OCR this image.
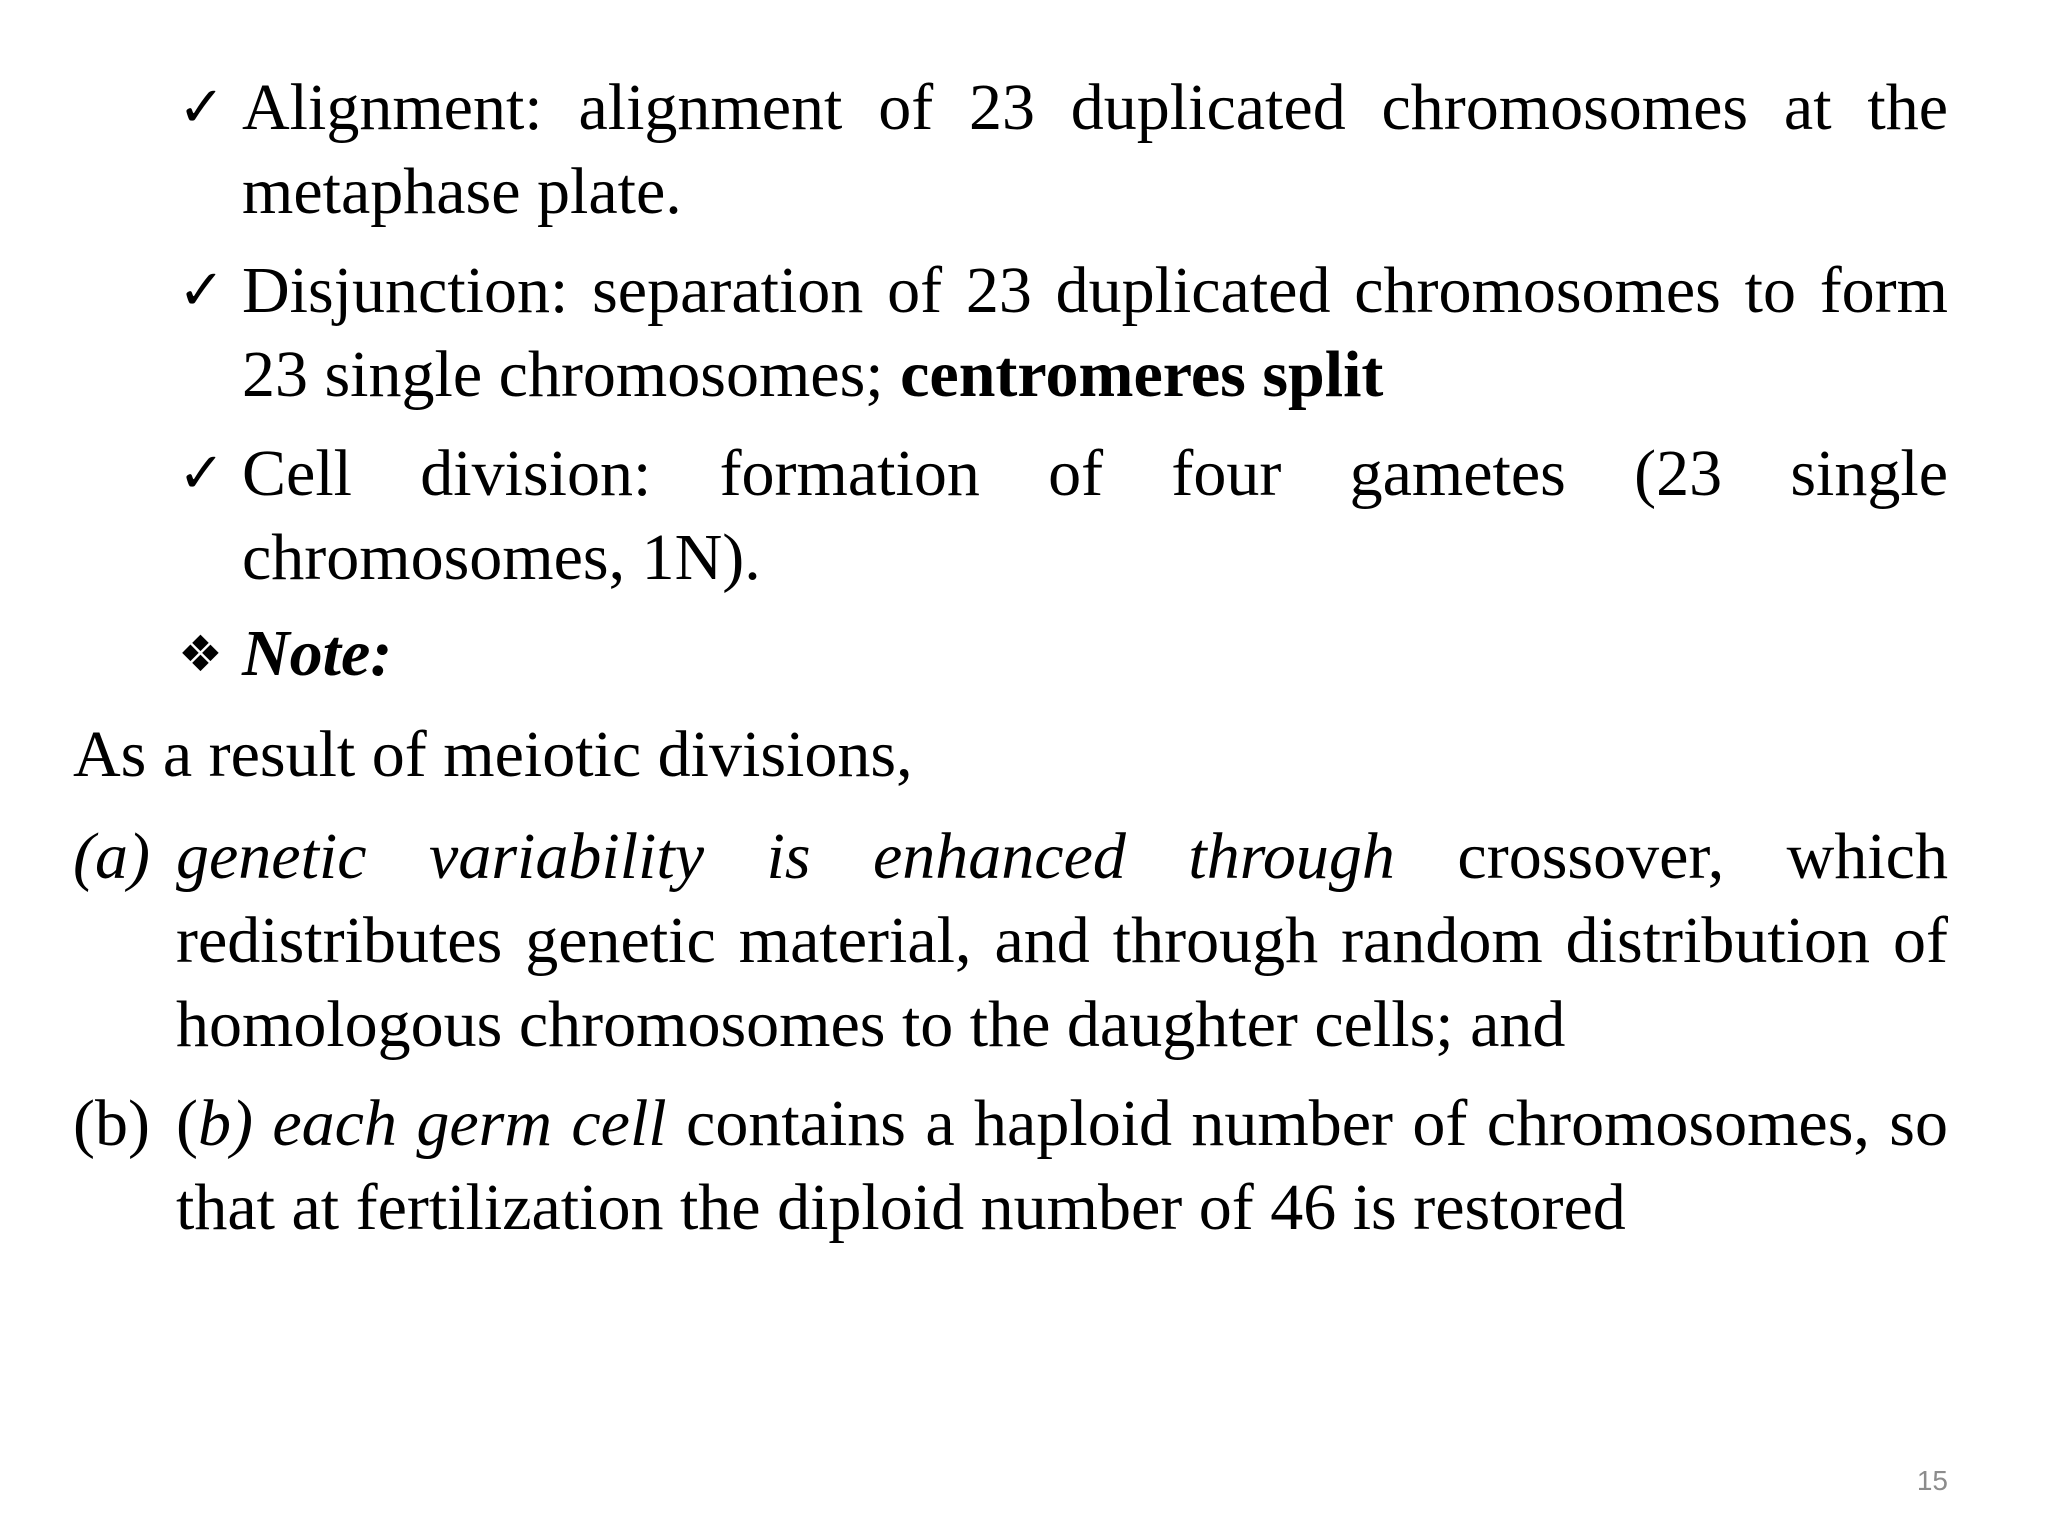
✓ Alignment: alignment of 23 duplicated chromosomes at the metaphase plate.
✓ Disjunction: separation of 23 duplicated chromosomes to form 23 single chromosomes; centromeres split
✓ Cell division: formation of four gametes (23 single chromosomes, 1N).
❖ Note:
As a result of meiotic divisions,
(a) genetic variability is enhanced through crossover, which redistributes genetic material, and through random distribution of homologous chromosomes to the daughter cells; and
(b) (b) each germ cell contains a haploid number of chromosomes, so that at fertilization the diploid number of 46 is restored
15
